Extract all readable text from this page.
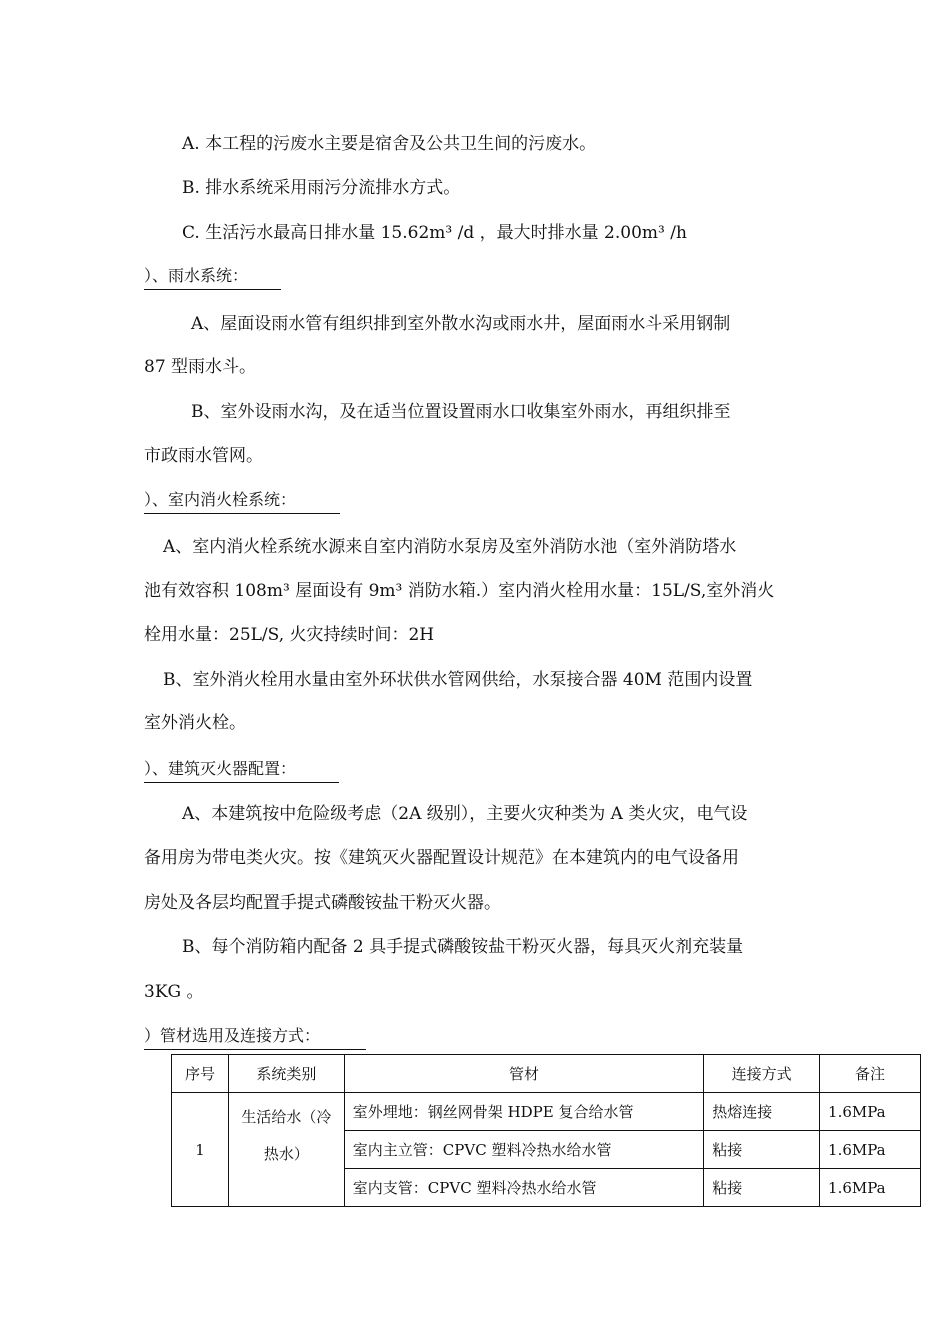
A. 本工程的污废水主要是宿舍及公共卫生间的污废水。
B. 排水系统采用雨污分流排水方式。
C. 生活污水最高日排水量 15.62m³ /d ，最大时排水量 2.00m³ /h
）、雨水系统：
A、屋面设雨水管有组织排到室外散水沟或雨水井，屋面雨水斗采用钢制
87 型雨水斗。
B、室外设雨水沟，及在适当位置设置雨水口收集室外雨水，再组织排至
市政雨水管网。
）、室内消火栓系统：
A、室内消火栓系统水源来自室内消防水泵房及室外消防水池（室外消防塔水
池有效容积 108m³ 屋面设有 9m³ 消防水箱.）室内消火栓用水量：15L/S,室外消火
栓用水量：25L/S, 火灾持续时间：2H
B、室外消火栓用水量由室外环状供水管网供给，水泵接合器 40M 范围内设置
室外消火栓。
）、建筑灭火器配置：
A、本建筑按中危险级考虑（2A 级别），主要火灾种类为 A 类火灾，电气设
备用房为带电类火灾。按《建筑灭火器配置设计规范》在本建筑内的电气设备用
房处及各层均配置手提式磷酸铵盐干粉灭火器。
B、每个消防箱内配备 2 具手提式磷酸铵盐干粉灭火器，每具灭火剂充装量
3KG 。
）管材选用及连接方式：
序号	系统类别	管材	连接方式	备注
1	生活给水（冷
热水）	室外埋地：钢丝网骨架 HDPE 复合给水管	热熔连接	1.6MPa
		室内主立管：CPVC 塑料冷热水给水管	粘接	1.6MPa
		室内支管：CPVC 塑料冷热水给水管	粘接	1.6MPa
